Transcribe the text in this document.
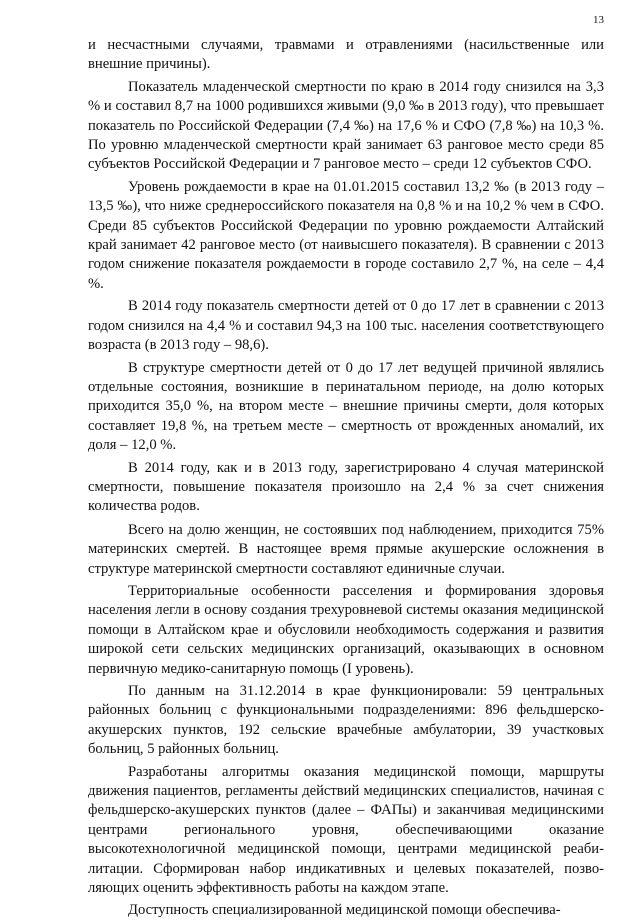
13

и несчастными случаями, травмами и отравлениями (насильственные или внешние причины).

Показатель младенческой смертности по краю в 2014 году снизился на 3,3 % и составил 8,7 на 1000 родившихся живыми (9,0 ‰ в 2013 году), что превышает показатель по Российской Федерации (7,4 ‰) на 17,6 % и СФО (7,8 ‰) на 10,3 %. По уровню младенческой смертности край занимает 63 ранговое место среди 85 субъектов Российской Федерации и 7 ранговое место – среди 12 субъектов СФО.

Уровень рождаемости в крае на 01.01.2015 составил 13,2 ‰ (в 2013 году – 13,5 ‰), что ниже среднероссийского показателя на 0,8 % и на 10,2 % чем в СФО. Среди 85 субъектов Российской Федерации по уровню рождаемости Алтайский край занимает 42 ранговое место (от наивысшего показателя). В сравнении с 2013 годом снижение показателя рождаемости в городе составило 2,7 %, на селе – 4,4 %.

В 2014 году показатель смертности детей от 0 до 17 лет в сравнении с 2013 годом снизился на 4,4 % и составил 94,3 на 100 тыс. населения соответствующего возраста (в 2013 году – 98,6).

В структуре смертности детей от 0 до 17 лет ведущей причиной являлись отдельные состояния, возникшие в перинатальном периоде, на долю которых приходится 35,0 %, на втором месте – внешние причины смерти, доля которых составляет 19,8 %, на третьем месте – смертность от врожденных аномалий, их доля – 12,0 %.

В 2014 году, как и в 2013 году, зарегистрировано 4 случая материнской смертности, повышение показателя произошло на 2,4 % за счет снижения количества родов.

Всего на долю женщин, не состоявших под наблюдением, приходится 75% материнских смертей. В настоящее время прямые акушерские осложнения в структуре материнской смертности составляют единичные случаи.

Территориальные особенности расселения и формирования здоровья населения легли в основу создания трехуровневой системы оказания медицинской помощи в Алтайском крае и обусловили необходимость содержания и развития широкой сети сельских медицинских организаций, оказывающих в основном первичную медико-санитарную помощь (I уровень).

По данным на 31.12.2014 в крае функционировали: 59 центральных районных больниц с функциональными подразделениями: 896 фельдшерско-акушерских пунктов, 192 сельские врачебные амбулатории, 39 участковых больниц, 5 районных больниц.

Разработаны алгоритмы оказания медицинской помощи, маршруты движения пациентов, регламенты действий медицинских специалистов, начиная с фельдшерско-акушерских пунктов (далее – ФАПы) и заканчивая медицинскими центрами регионального уровня, обеспечивающими оказание высокотехнологичной медицинской помощи, центрами медицинской реабилитации. Сформирован набор индикативных и целевых показателей, позволяющих оценить эффективность работы на каждом этапе.

Доступность специализированной медицинской помощи обеспечива-
